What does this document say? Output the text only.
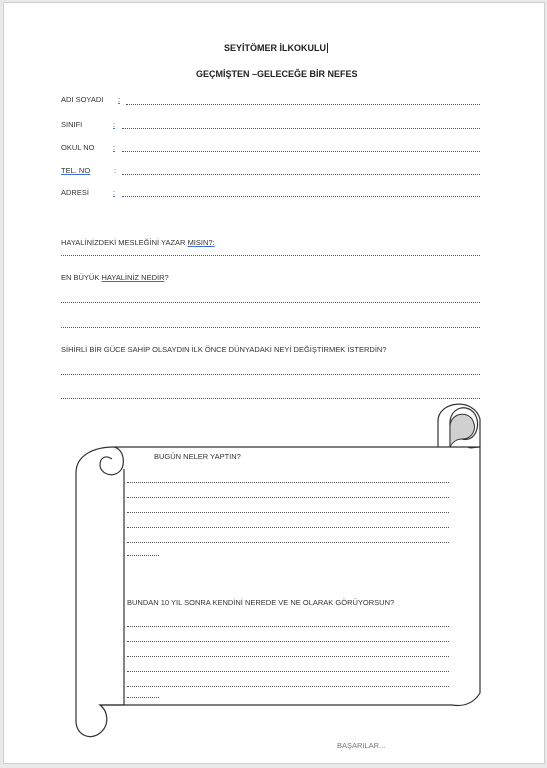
SEYİTÖMER İLKOKULU
GEÇMİŞTEN –GELECEĞE BİR NEFES
ADI SOYADI :
SINIFI	:
OKUL NO :
TEL. NO	:
ADRESİ	:
HAYALİNİZDEKİ MESLEĞİNİ YAZAR MISIN?:
EN BÜYÜK HAYALİNİZ NEDİR?
SİHİRLİ BİR GÜCE SAHİP OLSAYDIN İLK ÖNCE DÜNYADAKİ NEYİ DEĞİŞTİRMEK İSTERDİN?
BUGÜN NELER YAPTIN?
BUNDAN 10 YIL SONRA KENDİNİ NEREDE VE NE OLARAK GÖRÜYORSUN?
BAŞARILAR...
